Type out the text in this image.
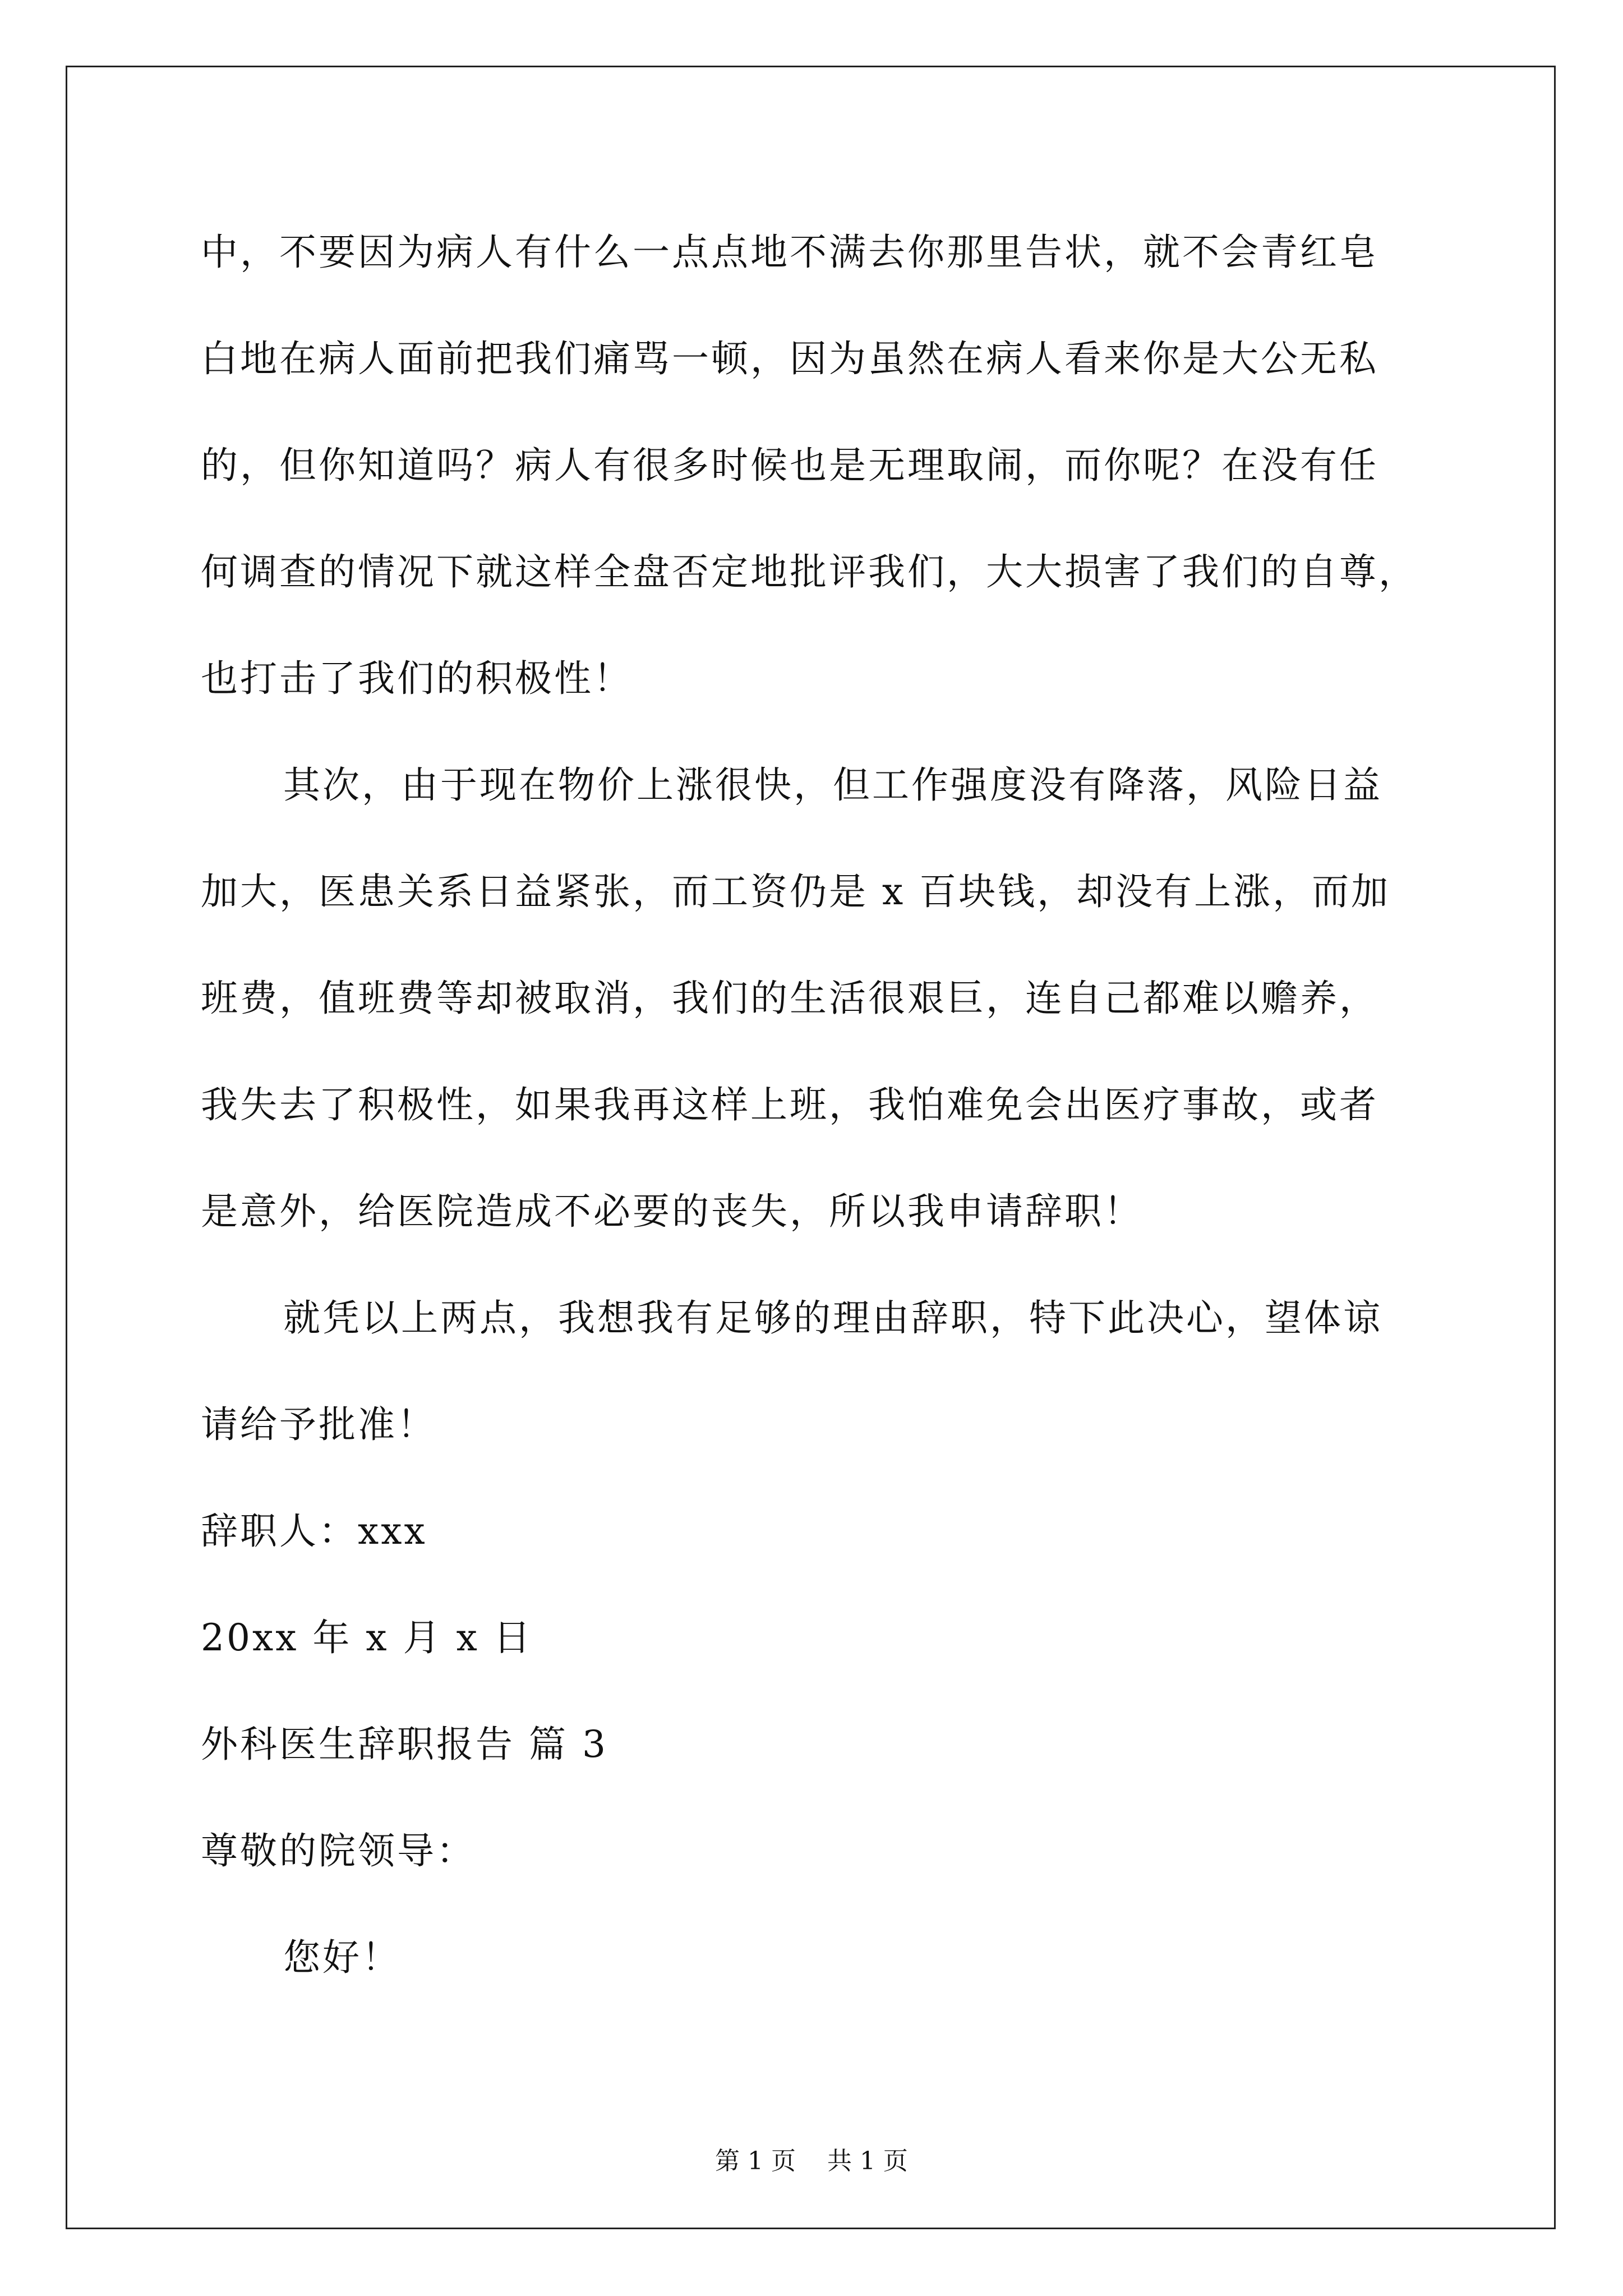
中，不要因为病人有什么一点点地不满去你那里告状，就不会青红皂
白地在病人面前把我们痛骂一顿，因为虽然在病人看来你是大公无私
的，但你知道吗？病人有很多时候也是无理取闹，而你呢？在没有任
何调查的情况下就这样全盘否定地批评我们，大大损害了我们的自尊，
也打击了我们的积极性！
其次，由于现在物价上涨很快，但工作强度没有降落，风险日益
加大，医患关系日益紧张，而工资仍是 x 百块钱，却没有上涨，而加
班费，值班费等却被取消，我们的生活很艰巨，连自己都难以赡养，
我失去了积极性，如果我再这样上班，我怕难免会出医疗事故，或者
是意外，给医院造成不必要的丧失，所以我申请辞职！
就凭以上两点，我想我有足够的理由辞职，特下此决心，望体谅
请给予批准！
辞职人：xxx
20xx 年 x 月 x 日
外科医生辞职报告 篇 3
尊敬的院领导：
您好！
第 1 页    共 1 页
